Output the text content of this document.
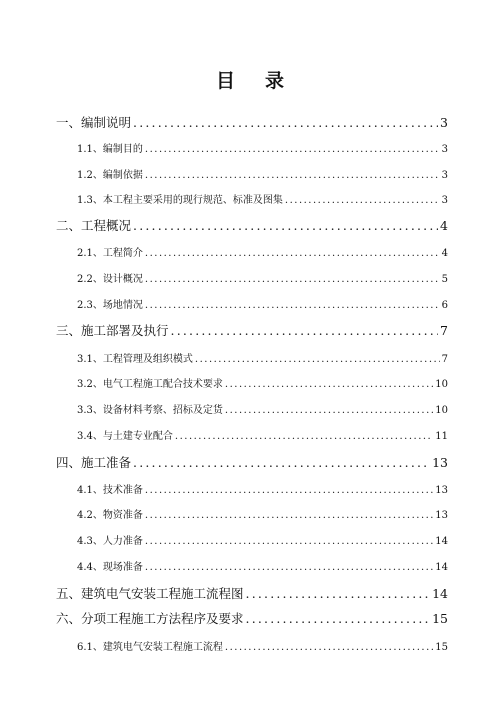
目 录
一、编制说明 .....	3
1.1、编制目的 .....	3
1.2、编制依据 .....	3
1.3、本工程主要采用的现行规范、标准及图集 .....	3
二、工程概况 .....	4
2.1、工程简介 .....	4
2.2、设计概况 .....	5
2.3、场地情况 .....	6
三、施工部署及执行 .....	7
3.1、工程管理及组织模式 .....	7
3.2、电气工程施工配合技术要求 .....	10
3.3、设备材料考察、招标及定货 .....	10
3.4、与土建专业配合 .....	11
四、施工准备 .....	13
4.1、技术准备 .....	13
4.2、物资准备 .....	13
4.3、人力准备 .....	14
4.4、现场准备 .....	14
五、建筑电气安装工程施工流程图 .....	14
六、分项工程施工方法程序及要求 .....	15
6.1、建筑电气安装工程施工流程 .....	15
